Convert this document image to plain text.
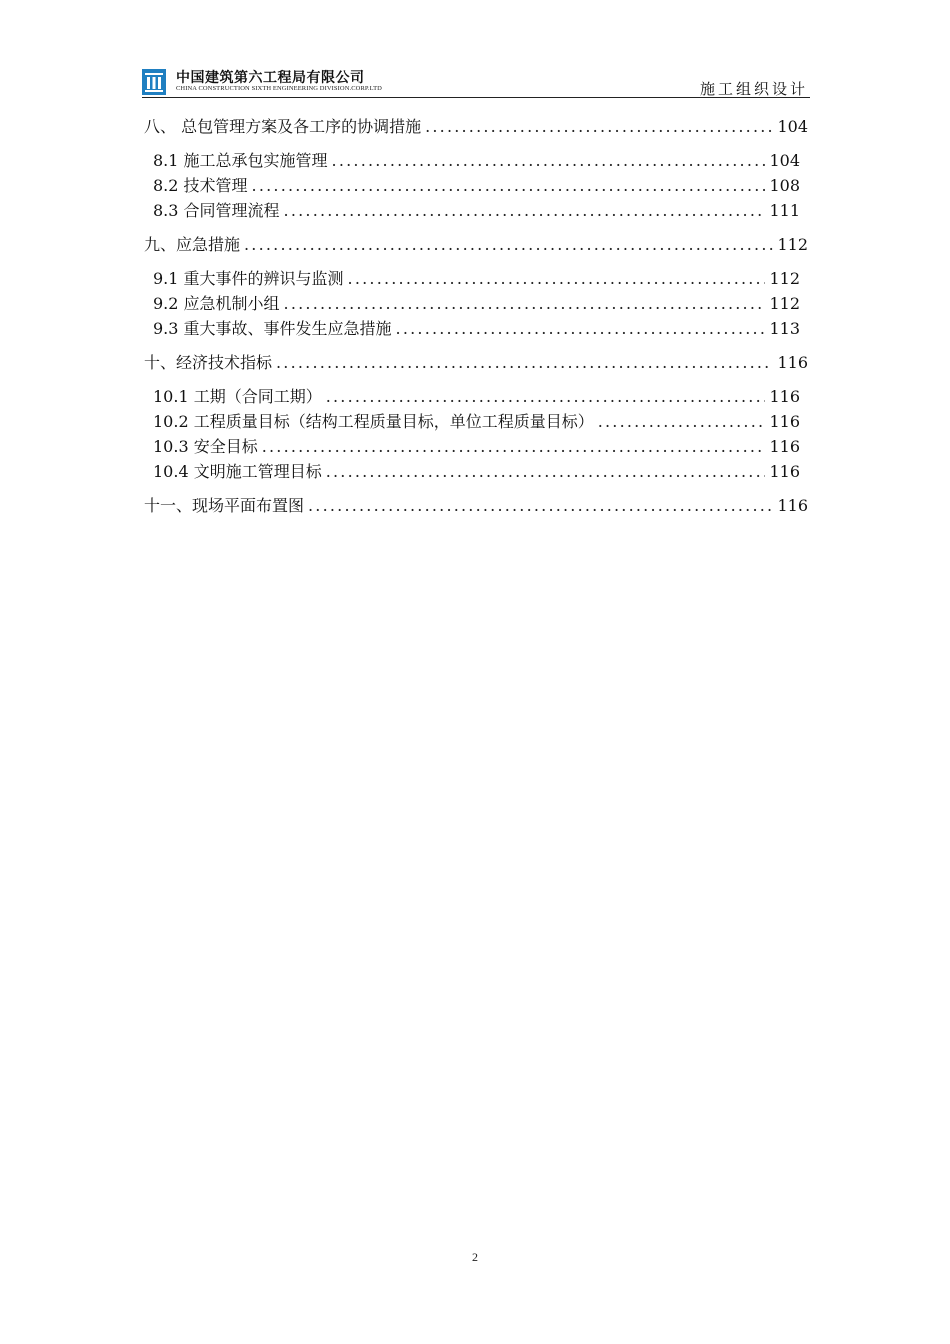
中国建筑第六工程局有限公司
CHINA CONSTRUCTION SIXTH ENGINEERING DIVISION.CORP.LTD	施工组织设计
八、 总包管理方案及各工序的协调措施 .....	104
8.1 施工总承包实施管理 .....	104
8.2 技术管理 .....	108
8.3 合同管理流程 .....	111
九、应急措施 .....	112
9.1 重大事件的辨识与监测 .....	112
9.2 应急机制小组 .....	112
9.3 重大事故、事件发生应急措施 .....	113
十、经济技术指标 .....	116
10.1 工期（合同工期） .....	116
10.2 工程质量目标（结构工程质量目标，单位工程质量目标） .....	116
10.3 安全目标 .....	116
10.4 文明施工管理目标 .....	116
十一、现场平面布置图 .....	116
2
